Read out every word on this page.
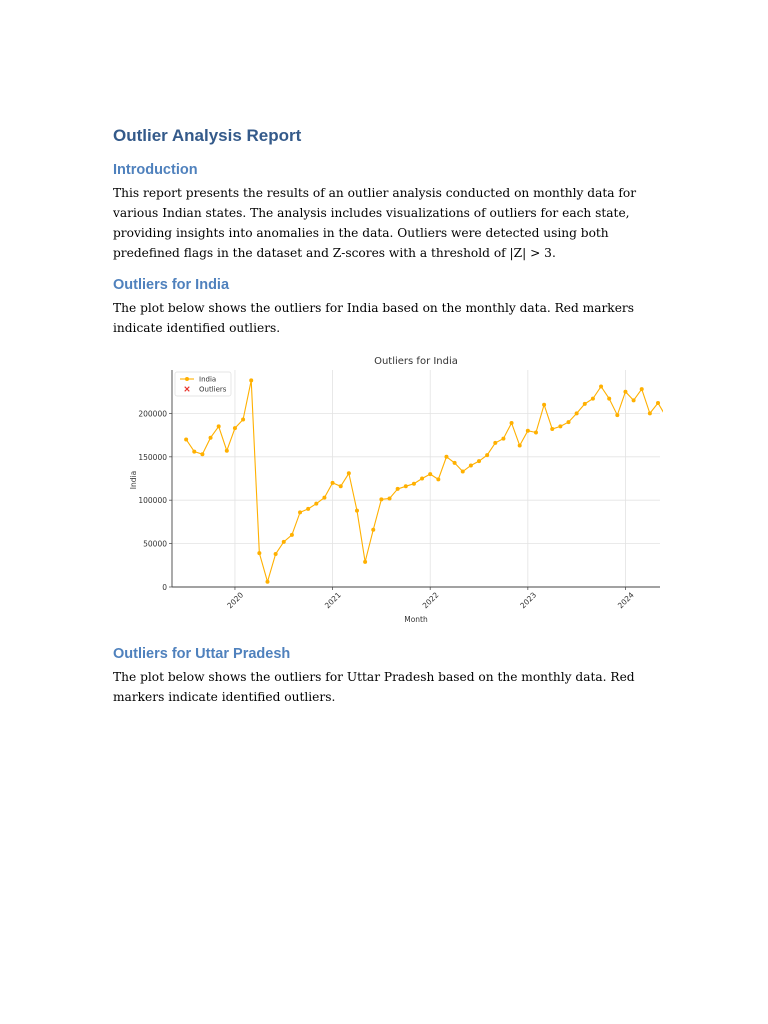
Outlier Analysis Report
Introduction

This report presents the results of an outlier analysis conducted on monthly data for various Indian states. The analysis includes visualizations of outliers for each state, providing insights into anomalies in the data. Outliers were detected using both predefined flags in the dataset and Z-scores with a threshold of |Z| > 3.

Outliers for India

The plot below shows the outliers for India based on the monthly data. Red markers indicate identified outliers.

0
50000
100000
150000
200000
2020	2021	2022	2023	2024
Outliers for India
Month
India
India
Outliers
Outliers for Uttar Pradesh

The plot below shows the outliers for Uttar Pradesh based on the monthly data. Red markers indicate identified outliers.
